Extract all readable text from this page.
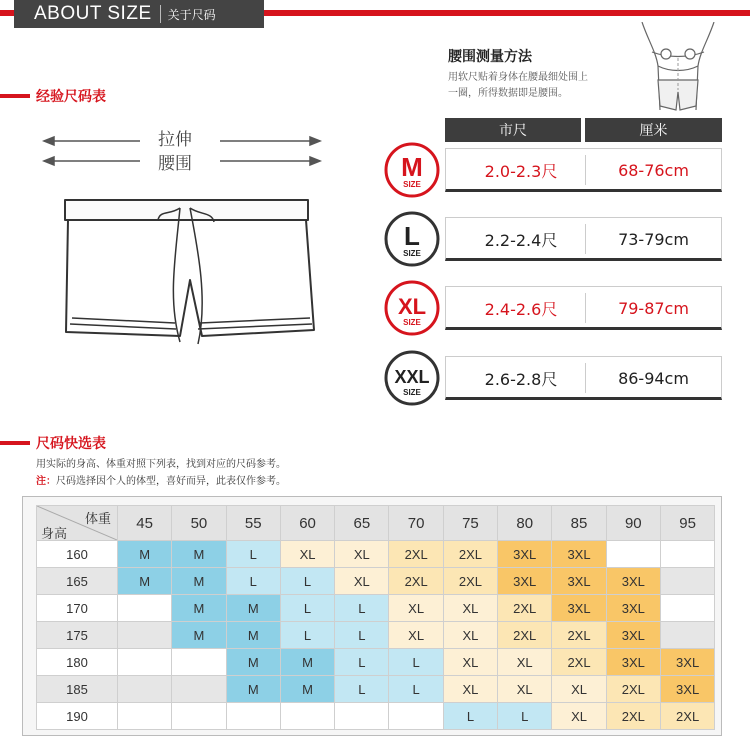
ABOUT SIZE 关于尺码
经验尺码表
拉伸
腰围
腰围测量方法
用软尺贴着身体在腰最细处围上
一圈，所得数据即是腰围。
市尺	厘米
2.0-2.3尺	68-76cm
M
SIZE
2.2-2.4尺	73-79cm
L
SIZE
2.4-2.6尺	79-87cm
XL
SIZE
2.6-2.8尺	86-94cm
XXL
SIZE
尺码快选表
用实际的身高、体重对照下列表，找到对应的尺码参考。
注：尺码选择因个人的体型，喜好而异，此表仅作参考。
体重
身高	45	50	55	60	65	70	75	80	85	90	95
160	M	M	L	XL	XL	2XL	2XL	3XL	3XL		
165	M	M	L	L	XL	2XL	2XL	3XL	3XL	3XL	
170		M	M	L	L	XL	XL	2XL	3XL	3XL	
175		M	M	L	L	XL	XL	2XL	2XL	3XL	
180			M	M	L	L	XL	XL	2XL	3XL	3XL
185			M	M	L	L	XL	XL	XL	2XL	3XL
190							L	L	XL	2XL	2XL
